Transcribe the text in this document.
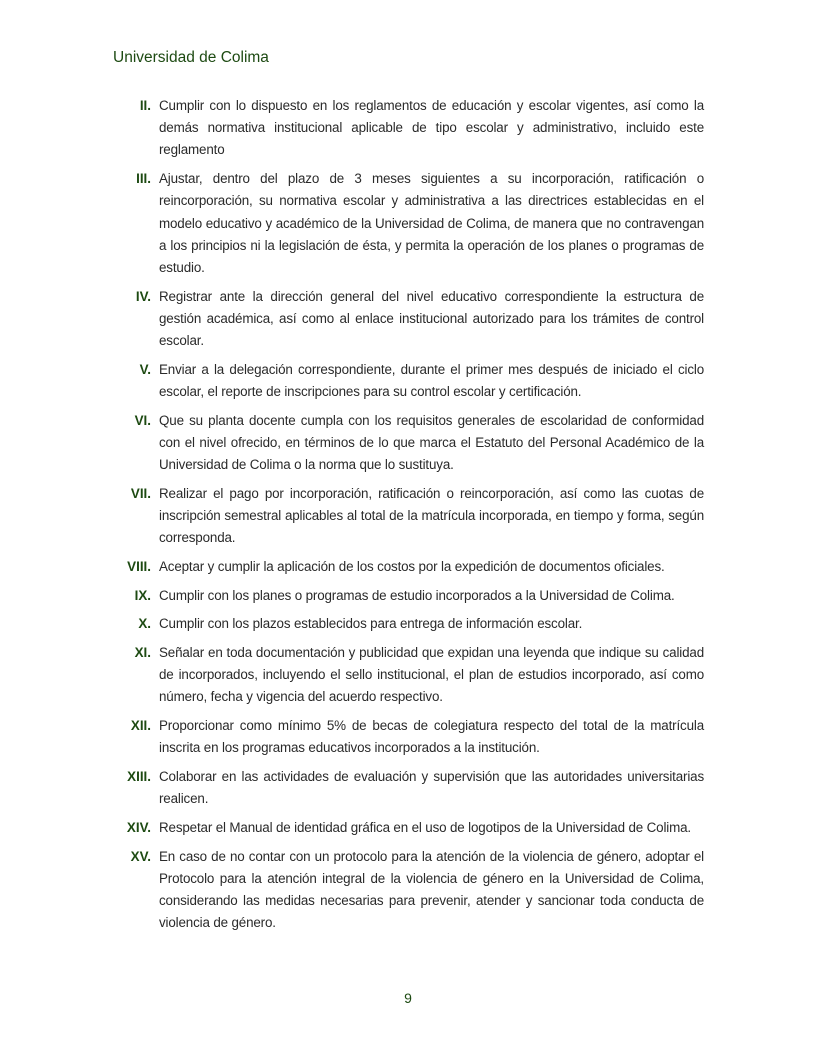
Universidad de Colima
II. Cumplir con lo dispuesto en los reglamentos de educación y escolar vigentes, así como la demás normativa institucional aplicable de tipo escolar y administrativo, incluido este reglamento
III. Ajustar, dentro del plazo de 3 meses siguientes a su incorporación, ratificación o reincorporación, su normativa escolar y administrativa a las directrices establecidas en el modelo educativo y académico de la Universidad de Colima, de manera que no contravengan a los principios ni la legislación de ésta, y permita la operación de los planes o programas de estudio.
IV. Registrar ante la dirección general del nivel educativo correspondiente la estructura de gestión académica, así como al enlace institucional autorizado para los trámites de control escolar.
V. Enviar a la delegación correspondiente, durante el primer mes después de iniciado el ciclo escolar, el reporte de inscripciones para su control escolar y certificación.
VI. Que su planta docente cumpla con los requisitos generales de escolaridad de conformidad con el nivel ofrecido, en términos de lo que marca el Estatuto del Personal Académico de la Universidad de Colima o la norma que lo sustituya.
VII. Realizar el pago por incorporación, ratificación o reincorporación, así como las cuotas de inscripción semestral aplicables al total de la matrícula incorporada, en tiempo y forma, según corresponda.
VIII. Aceptar y cumplir la aplicación de los costos por la expedición de documentos oficiales.
IX. Cumplir con los planes o programas de estudio incorporados a la Universidad de Colima.
X. Cumplir con los plazos establecidos para entrega de información escolar.
XI. Señalar en toda documentación y publicidad que expidan una leyenda que indique su calidad de incorporados, incluyendo el sello institucional, el plan de estudios incorporado, así como número, fecha y vigencia del acuerdo respectivo.
XII. Proporcionar como mínimo 5% de becas de colegiatura respecto del total de la matrícula inscrita en los programas educativos incorporados a la institución.
XIII. Colaborar en las actividades de evaluación y supervisión que las autoridades universitarias realicen.
XIV. Respetar el Manual de identidad gráfica en el uso de logotipos de la Universidad de Colima.
XV. En caso de no contar con un protocolo para la atención de la violencia de género, adoptar el Protocolo para la atención integral de la violencia de género en la Universidad de Colima, considerando las medidas necesarias para prevenir, atender y sancionar toda conducta de violencia de género.
9
